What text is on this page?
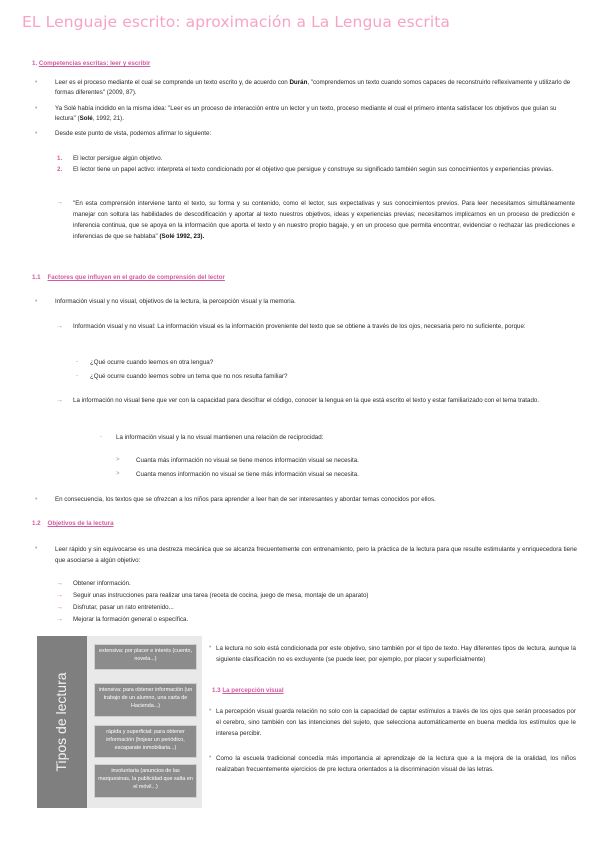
EL Lenguaje escrito: aproximación a La Lengua escrita
1. Competencias escritas: leer y escribir
•	Leer es el proceso mediante el cual se comprende un texto escrito y, de acuerdo con Durán, "comprendemos un texto cuando somos capaces de reconstruirlo reflexivamente y utilizarlo de formas diferentes" (2009, 87).
•	Ya Solé había incidido en la misma idea: "Leer es un proceso de interacción entre un lector y un texto, proceso mediante el cual el primero intenta satisfacer los objetivos que guían su lectura" (Solé, 1992, 21).
•	Desde este punto de vista, podemos afirmar lo siguiente:
1. El lector persigue algún objetivo.
2. El lector tiene un papel activo: interpreta el texto condicionado por el objetivo que persigue y construye su significado también según sus conocimientos y experiencias previas.
→ "En esta comprensión interviene tanto el texto, su forma y su contenido, como el lector, sus expectativas y sus conocimientos previos. Para leer necesitamos simultáneamente manejar con soltura las habilidades de descodificación y aportar al texto nuestros objetivos, ideas y experiencias previas; necesitamos implicarnos en un proceso de predicción e inferencia continua, que se apoya en la información que aporta el texto y en nuestro propio bagaje, y en un proceso que permita encontrar, evidenciar o rechazar las predicciones e inferencias de que se hablaba" (Solé 1992, 23).
1.1 Factores que influyen en el grado de comprensión del lector
•	Información visual y no visual, objetivos de la lectura, la percepción visual y la memoria.
→ Información visual y no visual: La información visual es la información proveniente del texto que se obtiene a través de los ojos, necesaria pero no suficiente, porque:
- ¿Qué ocurre cuando leemos en otra lengua?
- ¿Qué ocurre cuando leemos sobre un tema que no nos resulta familiar?
→ La información no visual tiene que ver con la capacidad para descifrar el código, conocer la lengua en la que está escrito el texto y estar familiarizado con el tema tratado.
- La información visual y la no visual mantienen una relación de reciprocidad:
>	Cuanta más información no visual se tiene menos información visual se necesita.
>	Cuanta menos información no visual se tiene más información visual se necesita.
•	En consecuencia, los textos que se ofrezcan a los niños para aprender a leer han de ser interesantes y abordar temas conocidos por ellos.
1.2 Objetivos de la lectura
•	Leer rápido y sin equivocarse es una destreza mecánica que se alcanza frecuentemente con entrenamiento, pero la práctica de la lectura para que resulte estimulante y enriquecedora tiene que asociarse a algún objetivo:
→ Obtener información.
→ Seguir unas instrucciones para realizar una tarea (receta de cocina, juego de mesa, montaje de un aparato)
→ Disfrutar, pasar un rato entretenido...
→ Mejorar la formación general o específica.
Tipos de lectura
extensiva: por placer e interés (cuento, novela...)
intensiva: para obtener información (un trabajo de un alumno, una carta de Hacienda...)
rápida y superficial: para obtener información (hojear un periódico, escaparate inmobiliaria...)
involuntaria (anuncios de las marquesinas, la publicidad que salta en el móvil...)
• La lectura no solo está condicionada por este objetivo, sino también por el tipo de texto. Hay diferentes tipos de lectura, aunque la siguiente clasificación no es excluyente (se puede leer, por ejemplo, por placer y superficialmente)
1.3 La percepción visual
• La percepción visual guarda relación no solo con la capacidad de captar estímulos a través de los ojos que serán procesados por el cerebro, sino también con las intenciones del sujeto, que selecciona automáticamente en buena medida los estímulos que le interesa percibir.
• Como la escuela tradicional concedía más importancia al aprendizaje de la lectura que a la mejora de la oralidad, los niños realizaban frecuentemente ejercicios de pre lectura orientados a la discriminación visual de las letras.
